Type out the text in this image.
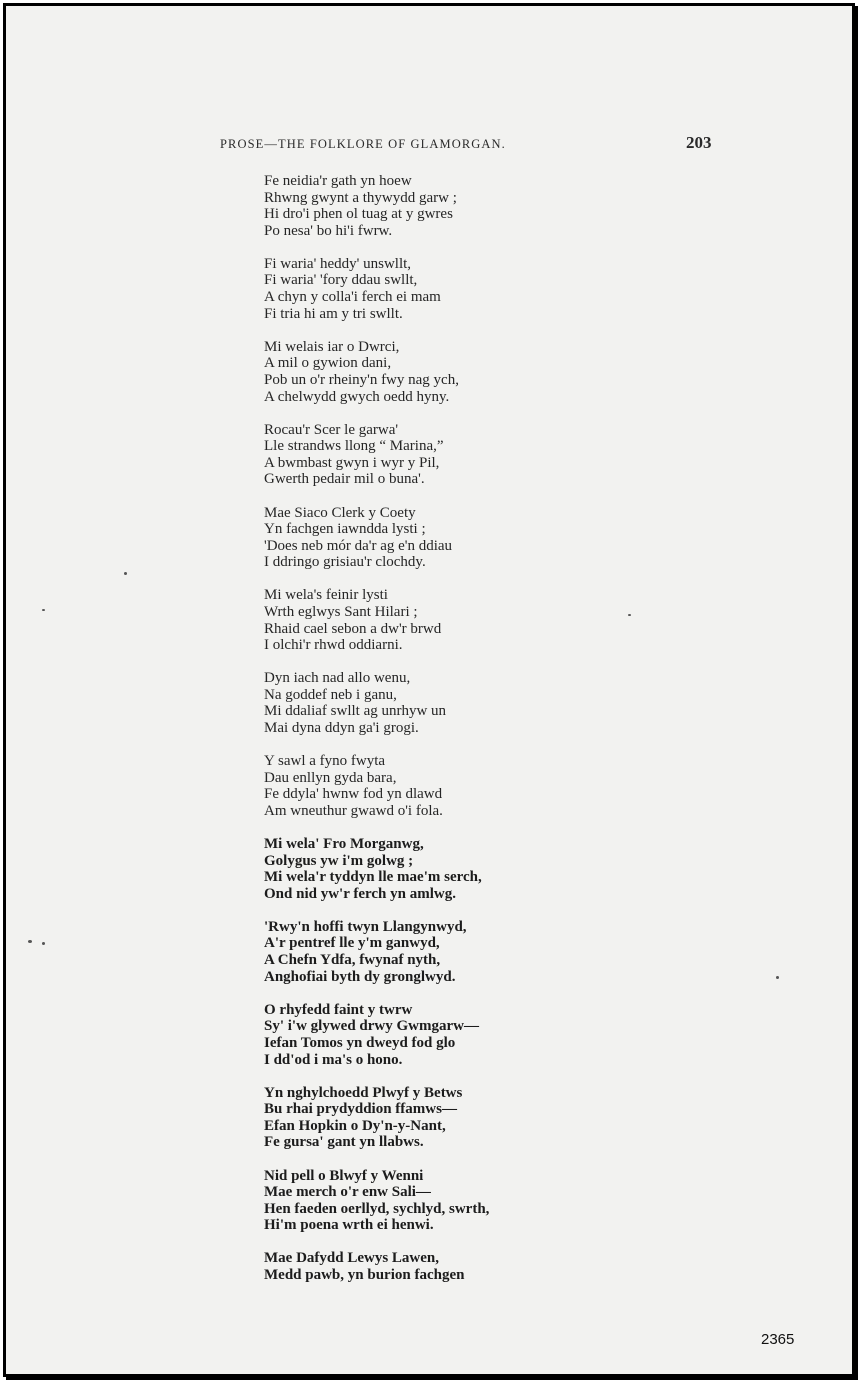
PROSE—THE FOLKLORE OF GLAMORGAN.	203
Fe neidia'r gath yn hoew
Rhwng gwynt a thywydd garw ;
Hi dro'i phen ol tuag at y gwres
Po nesa' bo hi'i fwrw.
Fi waria' heddy' unswllt,
Fi waria' 'fory ddau swllt,
A chyn y colla'i ferch ei mam
Fi tria hi am y tri swllt.
Mi welais iar o Dwrci,
A mil o gywion dani,
Pob un o'r rheiny'n fwy nag ych,
A chelwydd gwych oedd hyny.
Rocau'r Scer le garwa'
Lle strandws llong “ Marina,”
A bwmbast gwyn i wyr y Pil,
Gwerth pedair mil o buna'.
Mae Siaco Clerk y Coety
Yn fachgen iawndda lysti ;
'Does neb mór da'r ag e'n ddiau
I ddringo grisiau'r clochdy.
Mi wela's feinir lysti
Wrth eglwys Sant Hilari ;
Rhaid cael sebon a dw'r brwd
I olchi'r rhwd oddiarni.
Dyn iach nad allo wenu,
Na goddef neb i ganu,
Mi ddaliaf swllt ag unrhyw un
Mai dyna ddyn ga'i grogi.
Y sawl a fyno fwyta
Dau enllyn gyda bara,
Fe ddyla' hwnw fod yn dlawd
Am wneuthur gwawd o'i fola.
Mi wela' Fro Morganwg,
Golygus yw i'm golwg ;
Mi wela'r tyddyn lle mae'm serch,
Ond nid yw'r ferch yn amlwg.
'Rwy'n hoffi twyn Llangynwyd,
A'r pentref lle y'm ganwyd,
A Chefn Ydfa, fwynaf nyth,
Anghofiai byth dy gronglwyd.
O rhyfedd faint y twrw
Sy' i'w glywed drwy Gwmgarw—
Iefan Tomos yn dweyd fod glo
I dd'od i ma's o hono.
Yn nghylchoedd Plwyf y Betws
Bu rhai prydyddion ffamws—
Efan Hopkin o Dy'n-y-Nant,
Fe gursa' gant yn llabws.
Nid pell o Blwyf y Wenni
Mae merch o'r enw Sali—
Hen faeden oerllyd, sychlyd, swrth,
Hi'm poena wrth ei henwi.
Mae Dafydd Lewys Lawen,
Medd pawb, yn burion fachgen
2365
